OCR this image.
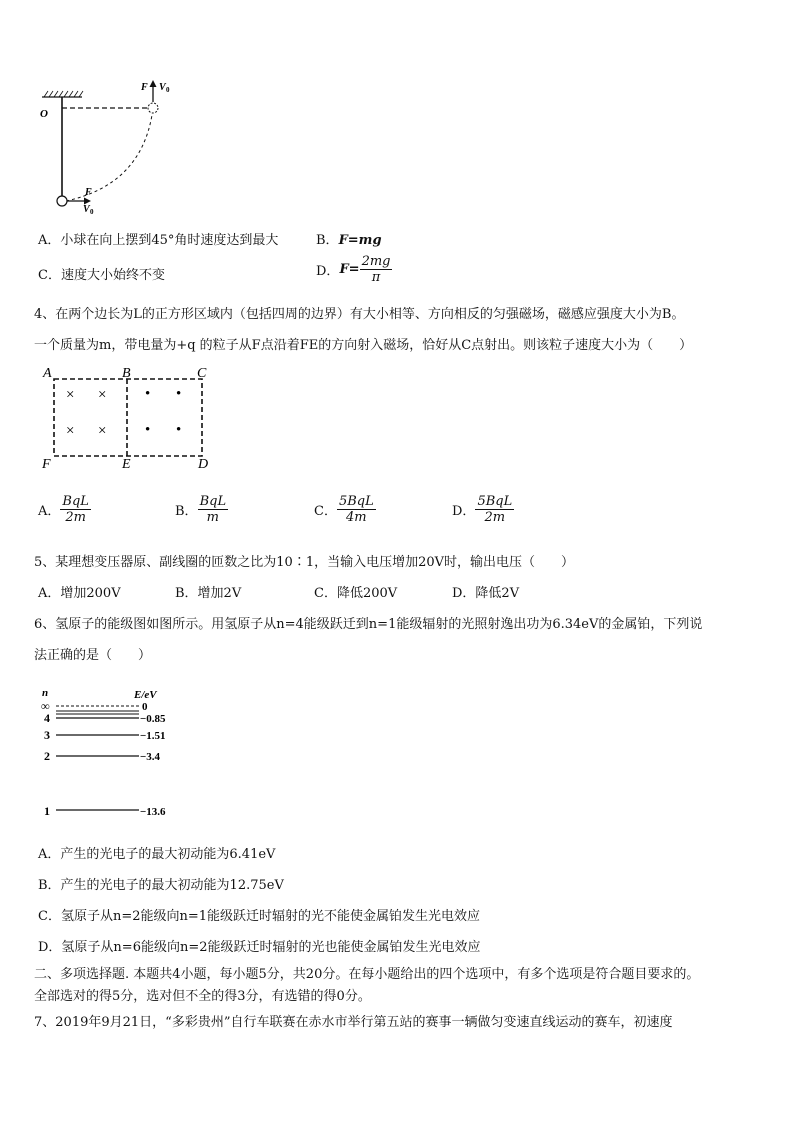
O
F V 0
F
V 0
A．小球在向上摆到45°角时速度达到最大	B．F=mg
C．速度大小始终不变	D．$F= \frac{2mg}{\pi}$
4、在两个边长为L的正方形区域内（包括四周的边界）有大小相等、方向相反的匀强磁场，磁感应强度大小为B。
一个质量为m，带电量为+q 的粒子从F点沿着FE的方向射入磁场，恰好从C点射出。则该粒子速度大小为（　　）
A	B	C
D
E
F
× ×
× ×
• •
• •
A． $\frac{\text{BqL}}{2m}$	B． $\frac{\text{BqL}}{m}$	C． $\frac{\text{5BqL}}{4m}$	D． $\frac{\text{5BqL}}{2m}$
5、某理想变压器原、副线圈的匝数之比为10∶1，当输入电压增加20V时，输出电压（　　）
A．增加200V	B．增加2V	C．降低200V	D．降低2V
6、氢原子的能级图如图所示。用氢原子从n=4能级跃迁到n=1能级辐射的光照射逸出功为6.34eV的金属铂，下列说
法正确的是（　　）
n	E/eV
∞	0
4	−0.85
3	−1.51
2	−3.4
1	−13.6
A．产生的光电子的最大初动能为6.41eV
B．产生的光电子的最大初动能为12.75eV
C．氢原子从n=2能级向n=1能级跃迁时辐射的光不能使金属铂发生光电效应
D．氢原子从n=6能级向n=2能级跃迁时辐射的光也能使金属铂发生光电效应
二、多项选择题. 本题共4小题，每小题5分，共20分。在每小题给出的四个选项中，有多个选项是符合题目要求的。
全部选对的得5分，选对但不全的得3分，有选错的得0分。
7、2019年9月21日，“多彩贵州”自行车联赛在赤水市举行第五站的赛事一辆做匀变速直线运动的赛车，初速度
